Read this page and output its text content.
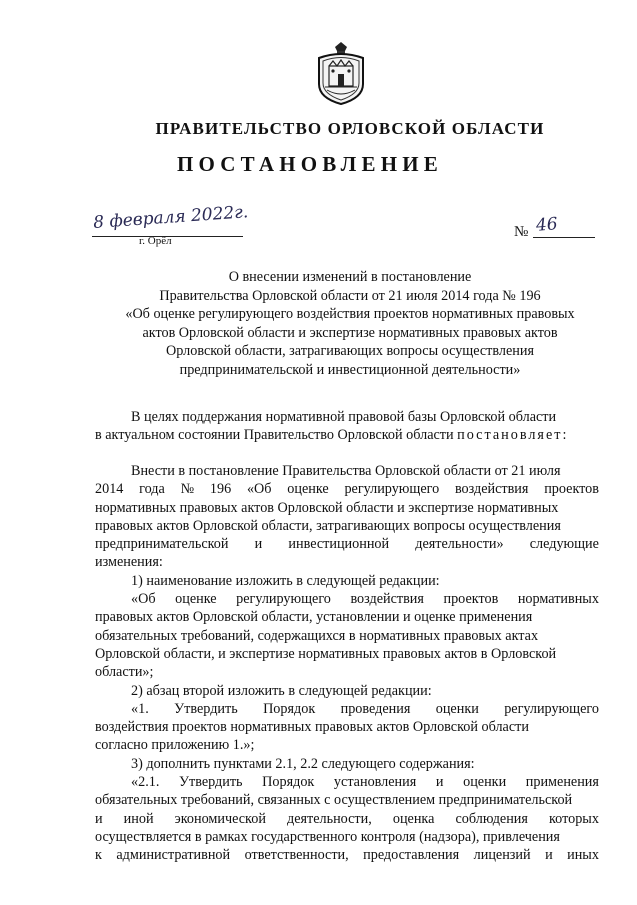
ПРАВИТЕЛЬСТВО ОРЛОВСКОЙ ОБЛАСТИ
ПОСТАНОВЛЕНИЕ
8 февраля 2022г.
г. Орёл
№ 46
О внесении изменений в постановление
Правительства Орловской области от 21 июля 2014 года № 196
«Об оценке регулирующего воздействия проектов нормативных правовых
актов Орловской области и экспертизе нормативных правовых актов
Орловской области, затрагивающих вопросы осуществления
предпринимательской и инвестиционной деятельности»
В целях поддержания нормативной правовой базы Орловской области
в актуальном состоянии Правительство Орловской области
постановляет:
Внести в постановление Правительства Орловской области от 21 июля
2014 года № 196 «Об оценке регулирующего воздействия проектов
нормативных правовых актов Орловской области и экспертизе нормативных
правовых актов Орловской области, затрагивающих вопросы осуществления
предпринимательской и инвестиционной деятельности» следующие
изменения:
1) наименование изложить в следующей редакции:
«Об оценке регулирующего воздействия проектов нормативных
правовых актов Орловской области, установлении и оценке применения
обязательных требований, содержащихся в нормативных правовых актах
Орловской области, и экспертизе нормативных правовых актов в Орловской
области»;
2) абзац второй изложить в следующей редакции:
«1. Утвердить Порядок проведения оценки регулирующего
воздействия проектов нормативных правовых актов Орловской области
согласно приложению 1.»;
3) дополнить пунктами 2.1, 2.2 следующего содержания:
«2.1. Утвердить Порядок установления и оценки применения
обязательных требований, связанных с осуществлением предпринимательской
и иной экономической деятельности, оценка соблюдения которых
осуществляется в рамках государственного контроля (надзора), привлечения
к административной ответственности, предоставления лицензий и иных
